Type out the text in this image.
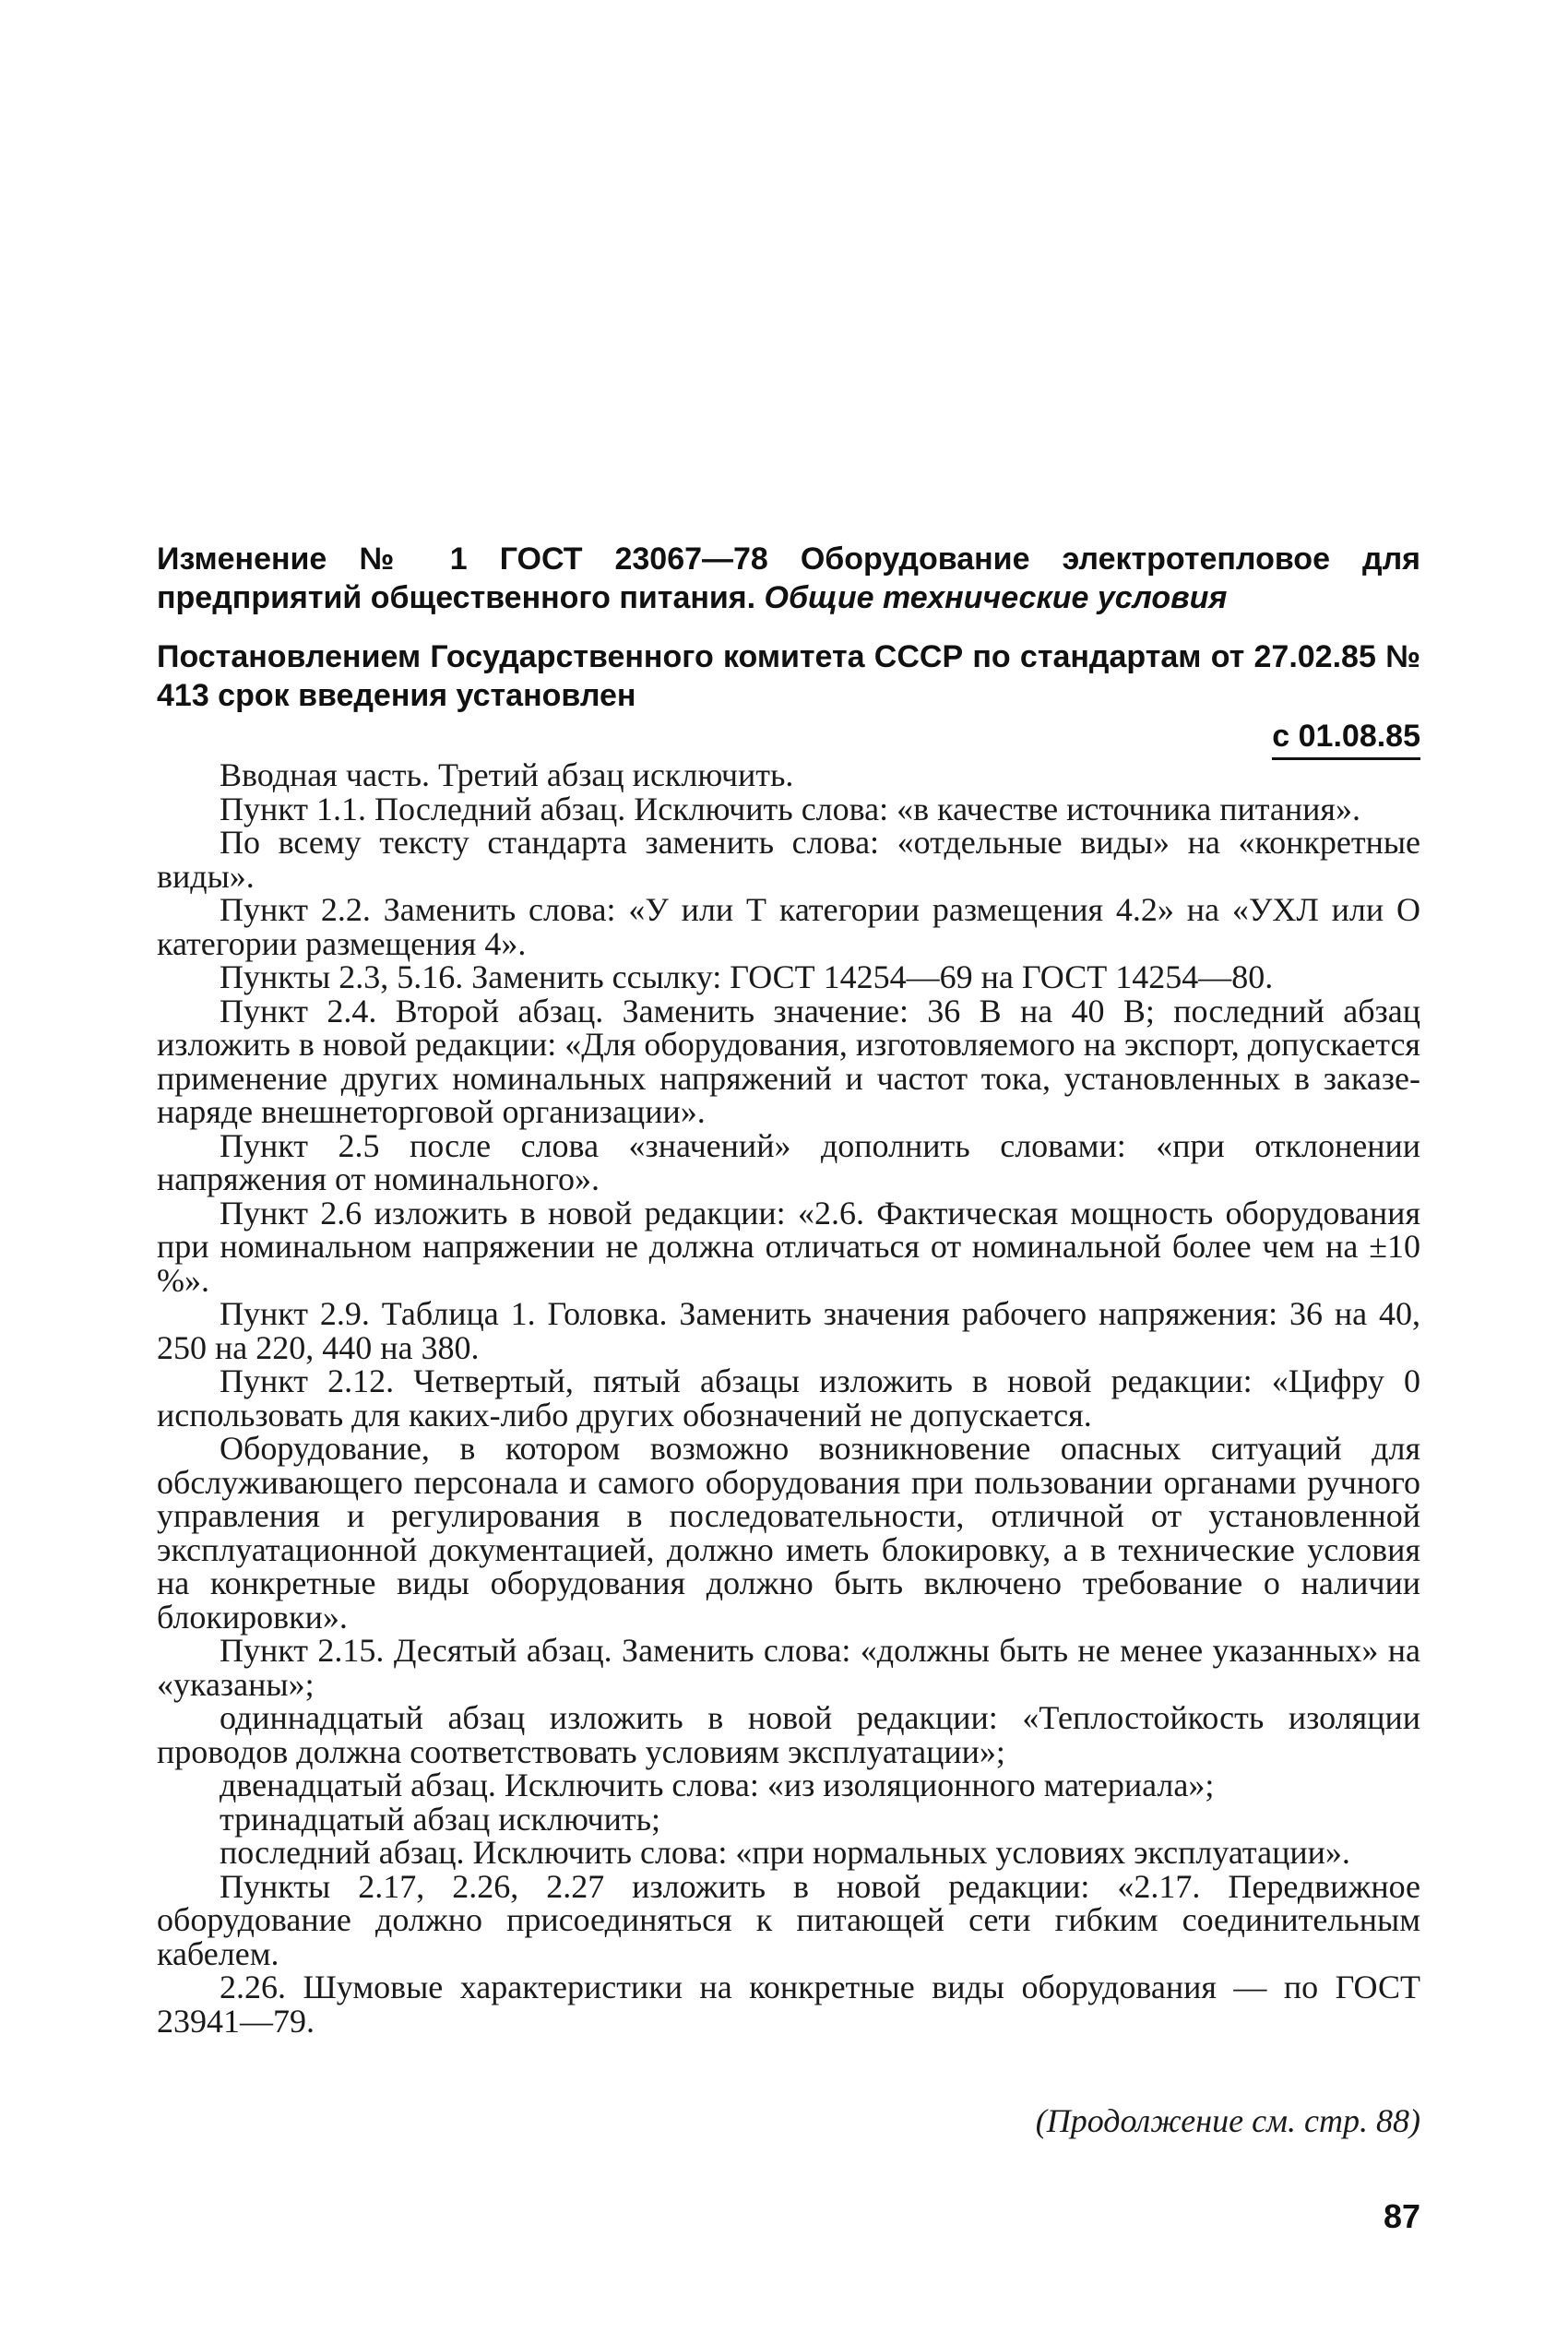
Изменение № 1 ГОСТ 23067—78 Оборудование электротепловое для предприятий общественного питания. Общие технические условия

Постановлением Государственного комитета СССР по стандартам от 27.02.85 № 413 срок введения установлен

с 01.08.85

Вводная часть. Третий абзац исключить.

Пункт 1.1. Последний абзац. Исключить слова: «в качестве источника питания».

По всему тексту стандарта заменить слова: «отдельные виды» на «конкретные виды».

Пункт 2.2. Заменить слова: «У или Т категории размещения 4.2» на «УХЛ или О категории размещения 4».

Пункты 2.3, 5.16. Заменить ссылку: ГОСТ 14254—69 на ГОСТ 14254—80.

Пункт 2.4. Второй абзац. Заменить значение: 36 В на 40 В; последний абзац изложить в новой редакции: «Для оборудования, изготовляемого на экспорт, допускается применение других номинальных напряжений и частот тока, установленных в заказе-наряде внешнеторговой организации».

Пункт 2.5 после слова «значений» дополнить словами: «при отклонении напряжения от номинального».

Пункт 2.6 изложить в новой редакции: «2.6. Фактическая мощность оборудования при номинальном напряжении не должна отличаться от номинальной более чем на ±10 %».

Пункт 2.9. Таблица 1. Головка. Заменить значения рабочего напряжения: 36 на 40, 250 на 220, 440 на 380.

Пункт 2.12. Четвертый, пятый абзацы изложить в новой редакции: «Цифру 0 использовать для каких-либо других обозначений не допускается.

Оборудование, в котором возможно возникновение опасных ситуаций для обслуживающего персонала и самого оборудования при пользовании органами ручного управления и регулирования в последовательности, отличной от установленной эксплуатационной документацией, должно иметь блокировку, а в технические условия на конкретные виды оборудования должно быть включено требование о наличии блокировки».

Пункт 2.15. Десятый абзац. Заменить слова: «должны быть не менее указанных» на «указаны»;

одиннадцатый абзац изложить в новой редакции: «Теплостойкость изоляции проводов должна соответствовать условиям эксплуатации»;

двенадцатый абзац. Исключить слова: «из изоляционного материала»;

тринадцатый абзац исключить;

последний абзац. Исключить слова: «при нормальных условиях эксплуатации».

Пункты 2.17, 2.26, 2.27 изложить в новой редакции: «2.17. Передвижное оборудование должно присоединяться к питающей сети гибким соединительным кабелем.

2.26. Шумовые характеристики на конкретные виды оборудования — по ГОСТ 23941—79.

(Продолжение см. стр. 88)
87
